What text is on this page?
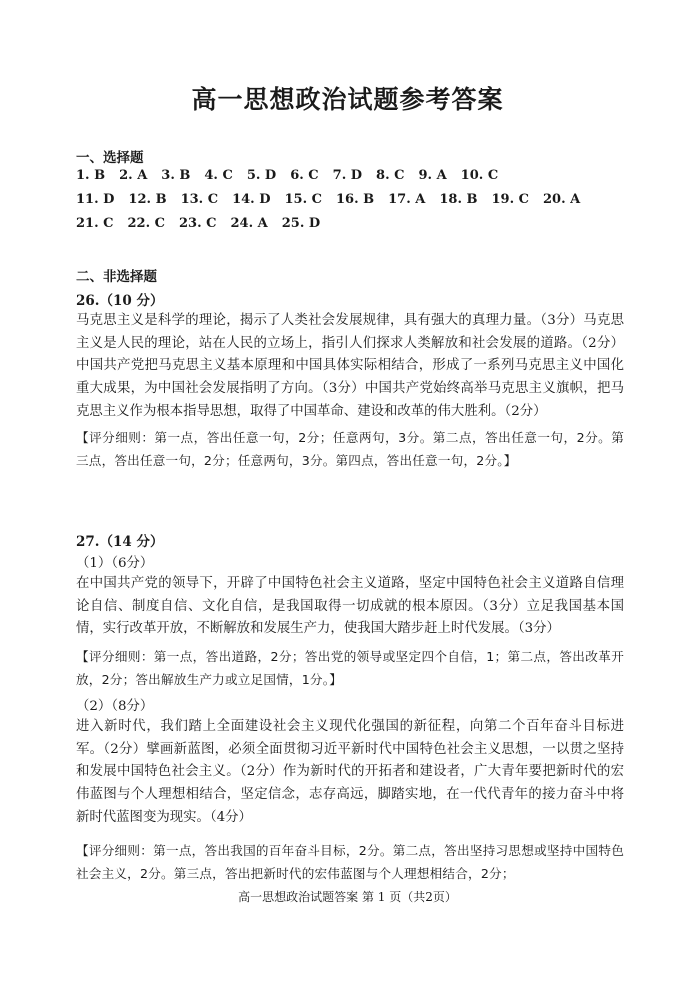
高一思想政治试题参考答案
一、选择题
1. B 2. A 3. B 4. C 5. D 6. C 7. D 8. C 9. A 10. C
11. D 12. B 13. C 14. D 15. C 16. B 17. A 18. B 19. C 20. A
21. C 22. C 23. C 24. A 25. D
二、非选择题
26.（10 分）
马克思主义是科学的理论，揭示了人类社会发展规律，具有强大的真理力量。（3分）马克思主义是人民的理论，站在人民的立场上，指引人们探求人类解放和社会发展的道路。（2分）中国共产党把马克思主义基本原理和中国具体实际相结合，形成了一系列马克思主义中国化重大成果，为中国社会发展指明了方向。（3分）中国共产党始终高举马克思主义旗帜，把马克思主义作为根本指导思想，取得了中国革命、建设和改革的伟大胜利。（2分）
【评分细则：第一点，答出任意一句，2分；任意两句，3分。第二点，答出任意一句，2分。第三点，答出任意一句，2分；任意两句，3分。第四点，答出任意一句，2分。】
27.（14 分）
（1）（6分）
在中国共产党的领导下，开辟了中国特色社会主义道路，坚定中国特色社会主义道路自信理论自信、制度自信、文化自信，是我国取得一切成就的根本原因。（3分）立足我国基本国情，实行改革开放，不断解放和发展生产力，使我国大踏步赶上时代发展。（3分）
【评分细则：第一点，答出道路，2分；答出党的领导或坚定四个自信，1；第二点，答出改革开放，2分；答出解放生产力或立足国情，1分。】
（2）（8分）
进入新时代，我们踏上全面建设社会主义现代化强国的新征程，向第二个百年奋斗目标进军。（2分）擘画新蓝图，必须全面贯彻习近平新时代中国特色社会主义思想，一以贯之坚持和发展中国特色社会主义。（2分）作为新时代的开拓者和建设者，广大青年要把新时代的宏伟蓝图与个人理想相结合，坚定信念，志存高远，脚踏实地，在一代代青年的接力奋斗中将新时代蓝图变为现实。（4分）
【评分细则：第一点，答出我国的百年奋斗目标，2分。第二点，答出坚持习思想或坚持中国特色社会主义，2分。第三点，答出把新时代的宏伟蓝图与个人理想相结合，2分；
高一思想政治试题答案 第 1 页（共2页）
